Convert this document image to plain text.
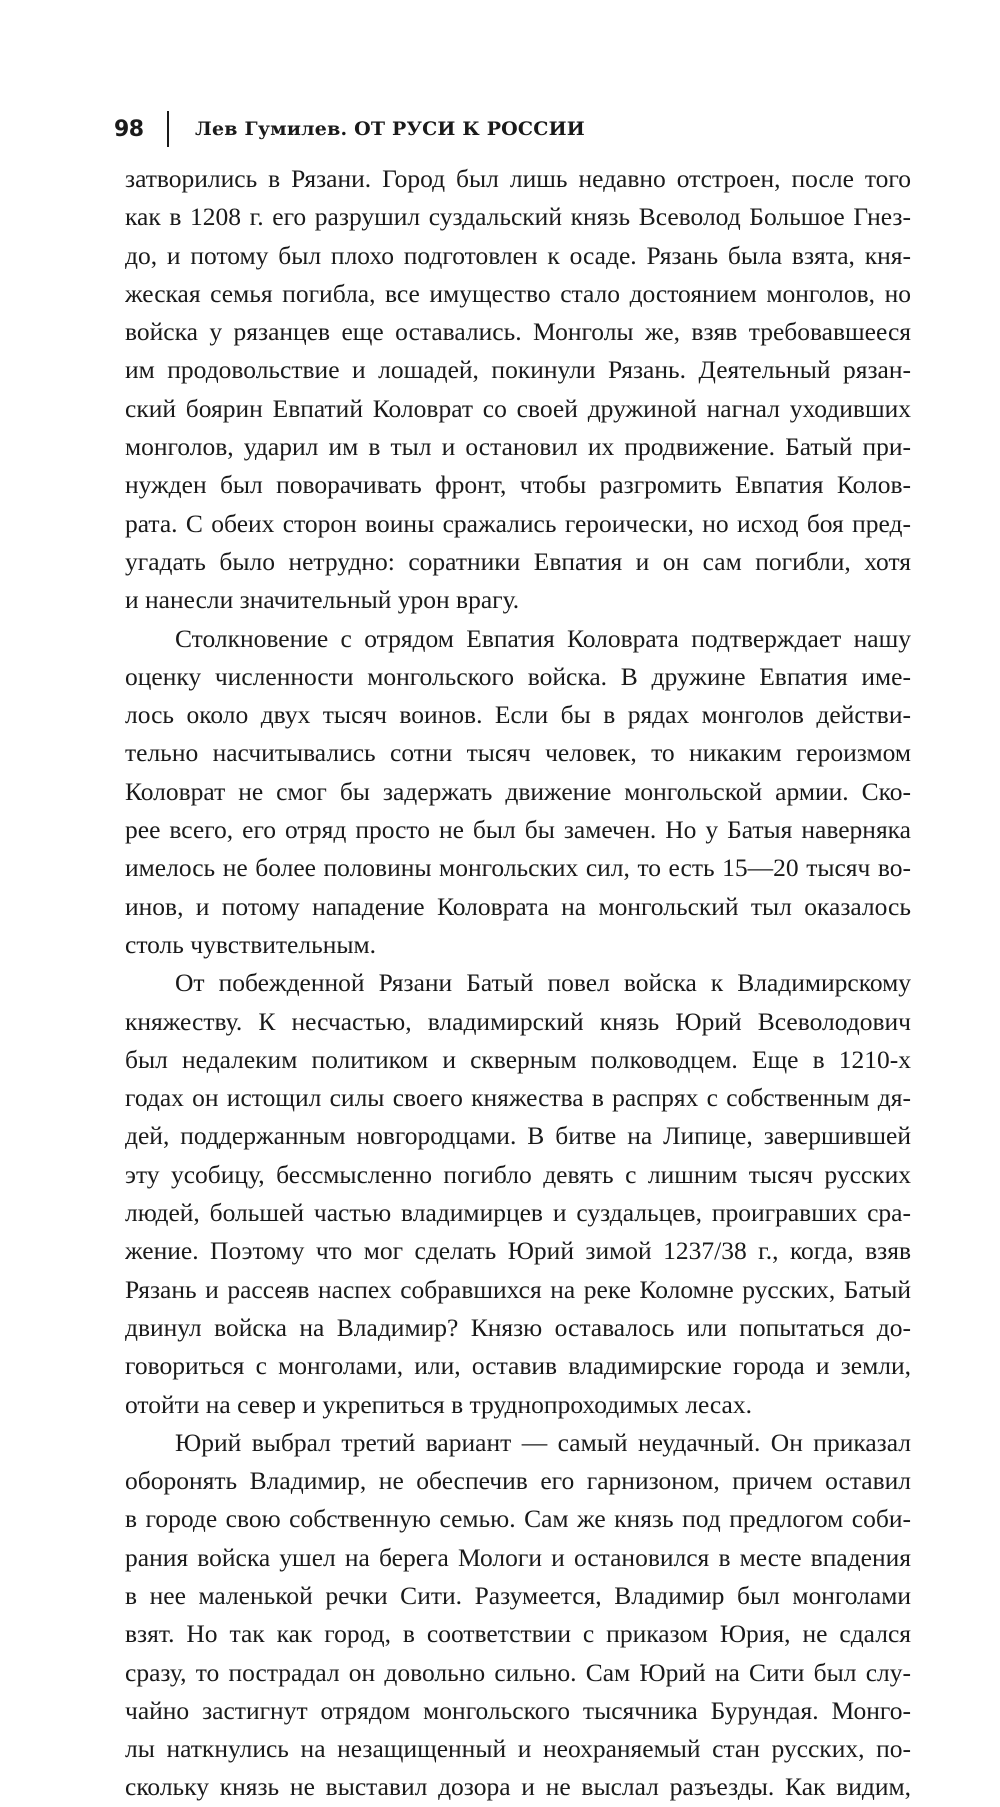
98	Лев Гумилев. ОТ РУСИ К РОССИИ
затворились в Рязани. Город был лишь недавно отстроен, после того
как в 1208 г. его разрушил суздальский князь Всеволод Большое Гнез-
до, и потому был плохо подготовлен к осаде. Рязань была взята, кня-
жеская семья погибла, все имущество стало достоянием монголов, но
войска у рязанцев еще оставались. Монголы же, взяв требовавшееся
им продовольствие и лошадей, покинули Рязань. Деятельный рязан-
ский боярин Евпатий Коловрат со своей дружиной нагнал уходивших
монголов, ударил им в тыл и остановил их продвижение. Батый при-
нужден был поворачивать фронт, чтобы разгромить Евпатия Колов-
рата. С обеих сторон воины сражались героически, но исход боя пред-
угадать было нетрудно: соратники Евпатия и он сам погибли, хотя
и нанесли значительный урон врагу.
Столкновение с отрядом Евпатия Коловрата подтверждает нашу
оценку численности монгольского войска. В дружине Евпатия име-
лось около двух тысяч воинов. Если бы в рядах монголов действи-
тельно насчитывались сотни тысяч человек, то никаким героизмом
Коловрат не смог бы задержать движение монгольской армии. Ско-
рее всего, его отряд просто не был бы замечен. Но у Батыя наверняка
имелось не более половины монгольских сил, то есть 15—20 тысяч во-
инов, и потому нападение Коловрата на монгольский тыл оказалось
столь чувствительным.
От побежденной Рязани Батый повел войска к Владимирскому
княжеству. К несчастью, владимирский князь Юрий Всеволодович
был недалеким политиком и скверным полководцем. Еще в 1210-х
годах он истощил силы своего княжества в распрях с собственным дя-
дей, поддержанным новгородцами. В битве на Липице, завершившей
эту усобицу, бессмысленно погибло девять с лишним тысяч русских
людей, большей частью владимирцев и суздальцев, проигравших сра-
жение. Поэтому что мог сделать Юрий зимой 1237/38 г., когда, взяв
Рязань и рассеяв наспех собравшихся на реке Коломне русских, Батый
двинул войска на Владимир? Князю оставалось или попытаться до-
говориться с монголами, или, оставив владимирские города и земли,
отойти на север и укрепиться в труднопроходимых лесах.
Юрий выбрал третий вариант — самый неудачный. Он приказал
оборонять Владимир, не обеспечив его гарнизоном, причем оставил
в городе свою собственную семью. Сам же князь под предлогом соби-
рания войска ушел на берега Мологи и остановился в месте впадения
в нее маленькой речки Сити. Разумеется, Владимир был монголами
взят. Но так как город, в соответствии с приказом Юрия, не сдался
сразу, то пострадал он довольно сильно. Сам Юрий на Сити был слу-
чайно застигнут отрядом монгольского тысячника Бурундая. Монго-
лы наткнулись на незащищенный и неохраняемый стан русских, по-
скольку князь не выставил дозора и не выслал разъезды. Как видим,
